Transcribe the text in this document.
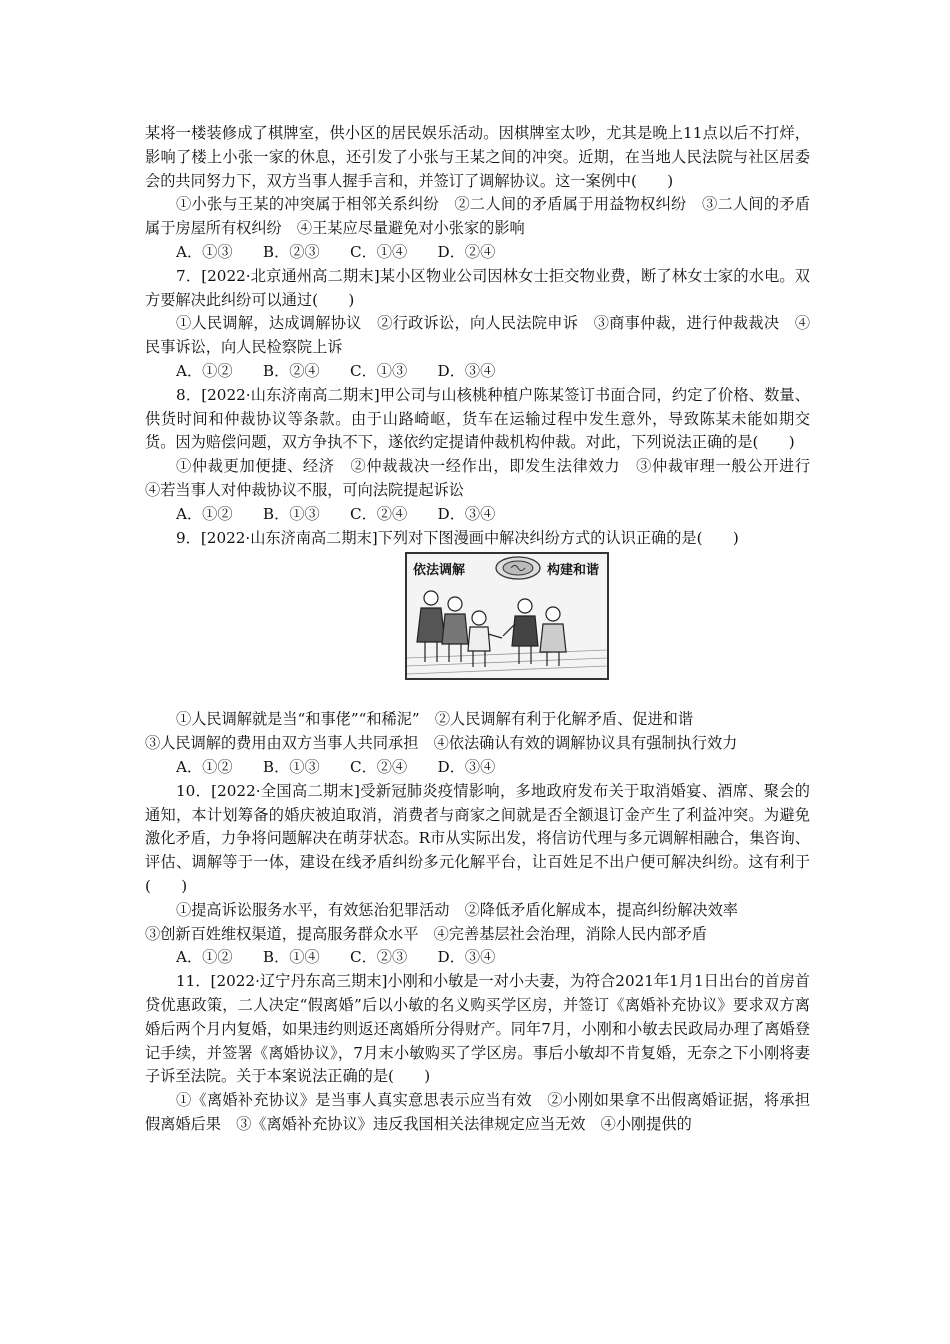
某将一楼装修成了棋牌室，供小区的居民娱乐活动。因棋牌室太吵，尤其是晚上11点以后不打烊，影响了楼上小张一家的休息，还引发了小张与王某之间的冲突。近期，在当地人民法院与社区居委会的共同努力下，双方当事人握手言和，并签订了调解协议。这一案例中(　　)

①小张与王某的冲突属于相邻关系纠纷　②二人间的矛盾属于用益物权纠纷　③二人间的矛盾属于房屋所有权纠纷　④王某应尽量避免对小张家的影响

A．①③　　B．②③　　C．①④　　D．②④

7．[2022·北京通州高二期末]某小区物业公司因林女士拒交物业费，断了林女士家的水电。双方要解决此纠纷可以通过(　　)

①人民调解，达成调解协议　②行政诉讼，向人民法院申诉　③商事仲裁，进行仲裁裁决　④民事诉讼，向人民检察院上诉

A．①②　　B．②④　　C．①③　　D．③④

8．[2022·山东济南高二期末]甲公司与山核桃种植户陈某签订书面合同，约定了价格、数量、供货时间和仲裁协议等条款。由于山路崎岖，货车在运输过程中发生意外，导致陈某未能如期交货。因为赔偿问题，双方争执不下，遂依约定提请仲裁机构仲裁。对此，下列说法正确的是(　　)

①仲裁更加便捷、经济　②仲裁裁决一经作出，即发生法律效力　③仲裁审理一般公开进行　④若当事人对仲裁协议不服，可向法院提起诉讼

A．①②　　B．①③　　C．②④　　D．③④

9．[2022·山东济南高二期末]下列对下图漫画中解决纠纷方式的认识正确的是(　　)

依法调解	构建和谐

①人民调解就是当“和事佬”“和稀泥”　②人民调解有利于化解矛盾、促进和谐

③人民调解的费用由双方当事人共同承担　④依法确认有效的调解协议具有强制执行效力

A．①②　　B．①③　　C．②④　　D．③④

10．[2022·全国高二期末]受新冠肺炎疫情影响，多地政府发布关于取消婚宴、酒席、聚会的通知，本计划筹备的婚庆被迫取消，消费者与商家之间就是否全额退订金产生了利益冲突。为避免激化矛盾，力争将问题解决在萌芽状态。R市从实际出发，将信访代理与多元调解相融合，集咨询、评估、调解等于一体，建设在线矛盾纠纷多元化解平台，让百姓足不出户便可解决纠纷。这有利于(　　)

①提高诉讼服务水平，有效惩治犯罪活动　②降低矛盾化解成本，提高纠纷解决效率

③创新百姓维权渠道，提高服务群众水平　④完善基层社会治理，消除人民内部矛盾

A．①②　　B．①④　　C．②③　　D．③④

11．[2022·辽宁丹东高三期末]小刚和小敏是一对小夫妻，为符合2021年1月1日出台的首房首贷优惠政策，二人决定“假离婚”后以小敏的名义购买学区房，并签订《离婚补充协议》要求双方离婚后两个月内复婚，如果违约则返还离婚所分得财产。同年7月，小刚和小敏去民政局办理了离婚登记手续，并签署《离婚协议》，7月末小敏购买了学区房。事后小敏却不肯复婚，无奈之下小刚将妻子诉至法院。关于本案说法正确的是(　　)

①《离婚补充协议》是当事人真实意思表示应当有效　②小刚如果拿不出假离婚证据，将承担假离婚后果　③《离婚补充协议》违反我国相关法律规定应当无效　④小刚提供的
